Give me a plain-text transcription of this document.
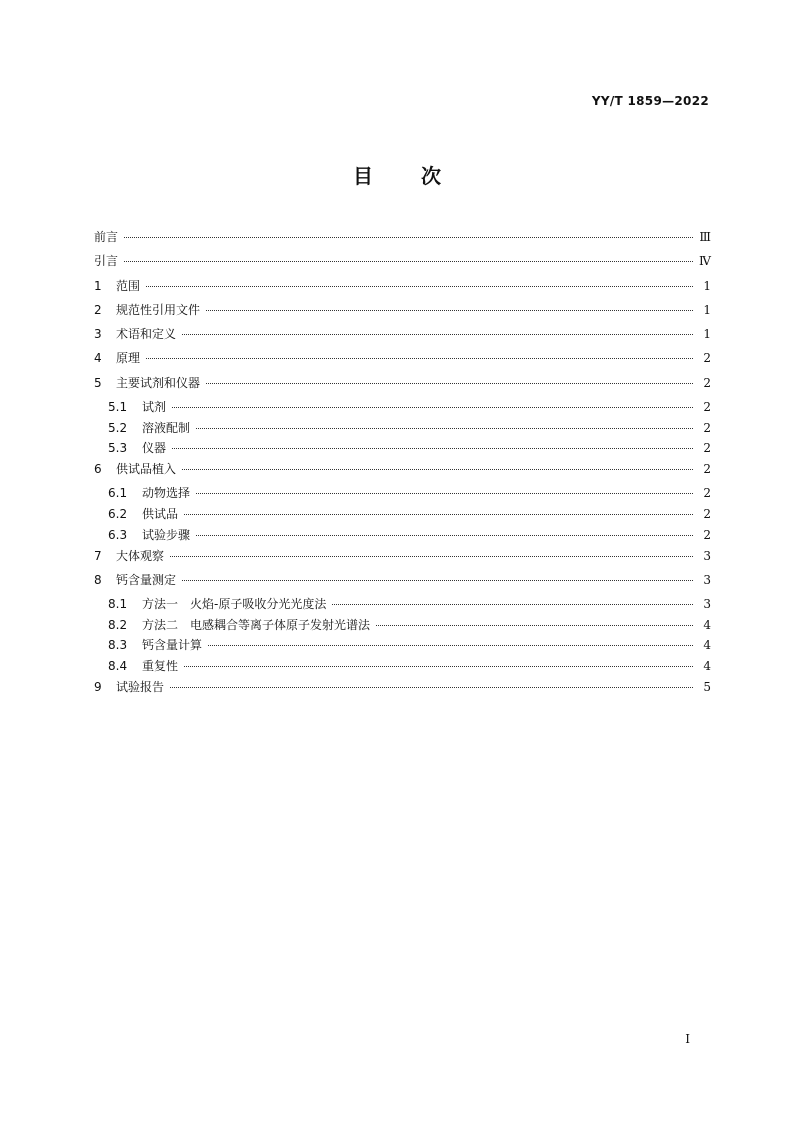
YY/T 1859—2022
目 次
前言	Ⅲ
引言	Ⅳ
1	范围	1
2	规范性引用文件	1
3	术语和定义	1
4	原理	2
5	主要试剂和仪器	2
5.1	试剂	2
5.2	溶液配制	2
5.3	仪器	2
6	供试品植入	2
6.1	动物选择	2
6.2	供试品	2
6.3	试验步骤	2
7	大体观察	3
8	钙含量测定	3
8.1	方法一　火焰-原子吸收分光光度法	3
8.2	方法二　电感耦合等离子体原子发射光谱法	4
8.3	钙含量计算	4
8.4	重复性	4
9	试验报告	5
I
